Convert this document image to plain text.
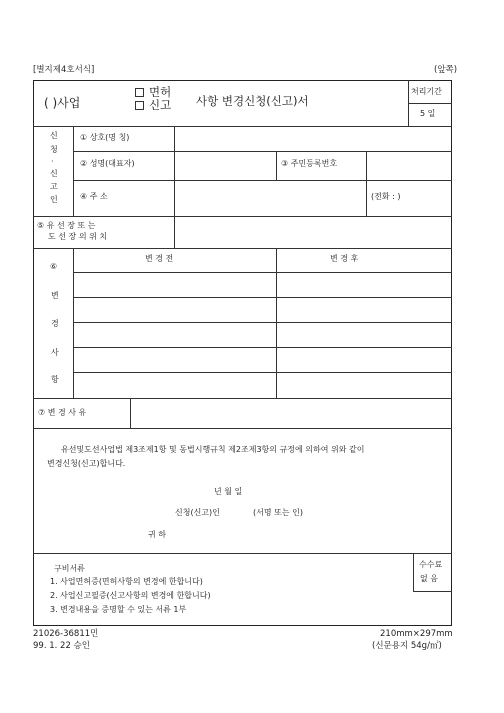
[별지제4호서식]	(앞쪽)
( )사업
면허
신고 사항 변경신청(신고)서
처리기간
5 일
신
청
·
신
고
인
① 상호(명 칭)
② 성명(대표자)	③ 주민등록번호
④ 주 소	(전화 : )
⑤ 유 선 장 또 는
도 선 장 의 위 치
⑥
변
경
사
항
변 경 전	변 경 후
⑦ 변 경 사 유
유선및도선사업법 제3조제1항 및 동법시행규칙 제2조제3항의 규정에 의하여 위와 같이
변경신청(신고)합니다.
년 월 일
신청(신고)인	(서명 또는 인)
귀 하
구비서류
1. 사업면허증(면허사항의 변경에 한합니다)
2. 사업신고필증(신고사항의 변경에 한합니다)
3. 변경내용을 증명할 수 있는 서류 1부
수수료
없 음
21026-36811민
99. 1. 22 승인
210mm×297mm
(신문용지 54g/㎡)
